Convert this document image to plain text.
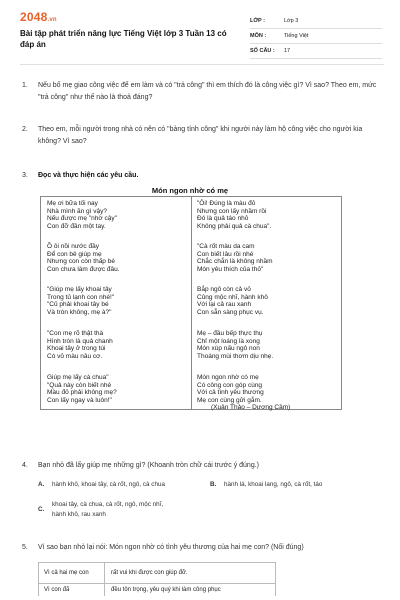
2048.vn
Bài tập phát triển năng lực Tiếng Việt lớp 3 Tuần 13 có đáp án
LỚP :	Lớp 3
MÔN :	Tiếng Việt
SỐ CÂU :	17
1. Nếu bố mẹ giao công việc để em làm và có "trả công" thì em thích đó là công việc gì? Vì sao? Theo em, mức "trả công" như thế nào là thoả đáng?
2. Theo em, mỗi người trong nhà có nên có "bảng tính công" khi người này làm hộ công việc cho người kia không? Vì sao?
3. Đọc và thực hiện các yêu cầu.
Món ngon nhờ có mẹ
Mẹ ơi bữa tối nay
Nhà mình ăn gì vậy?
Nếu được mẹ "nhờ cậy"
Con đỡ đần một tay.
Ồ ôi nồi nước đầy
Để con bê giúp mẹ
Nhưng con còn thấp bé
Con chưa làm được đâu.
"Giúp mẹ lấy khoai tây
Trong tủ lạnh con nhé!"
"Củ phải khoai tây bé
Và tròn không, mẹ à?"
"Con mẹ rõ thật thà
Hình tròn là quả chanh
Khoai tây ở trong túi
Có vỏ màu nâu cơ.
Giúp mẹ lấy cà chua"
"Quả này còn biết nhé
Màu đỏ phải không mẹ?
Con lấy ngay và luôn!"
"Ôi! Đúng là màu đỏ
Nhưng con lấy nhầm rồi
Đó là quả táo nhỏ
Không phải quả cà chua".
"Cà rốt màu da cam
Con biết lâu rồi nhé
Chắc chắn là không nhầm
Món yêu thích của thỏ"
Bắp ngô còn cả vỏ
Củng mộc nhĩ, hành khô
Với lại cả rau xanh
Con sẵn sàng phục vụ.
Mẹ – đầu bếp thực thụ
Chỉ một loáng là xong
Món xúp nấu ngô non
Thoáng mùi thơm dịu nhẹ.
Món ngon nhờ có mẹ
Có công con góp cùng
Với cả tình yêu thương
Mẹ con cùng gửi gắm.
(Xuân Thảo – Dương Cầm)
4. Bạn nhỏ đã lấy giúp mẹ những gì? (Khoanh tròn chữ cái trước ý đúng.)
A. hành khô, khoai tây, cà rốt, ngô, cà chua	B. hành lá, khoai lang, ngô, cà rốt, táo
C.
khoai tây, cà chua, cà rốt, ngô, mộc nhĩ,
hành khô, rau xanh
5. Vì sao bạn nhỏ lại nói: Món ngon nhờ có tình yêu thương của hai mẹ con? (Nối đúng)
Vì cả hai mẹ con	rất vui khi được con giúp đỡ.
Vì con đã	đều tôn trọng, yêu quý khi làm công phục
